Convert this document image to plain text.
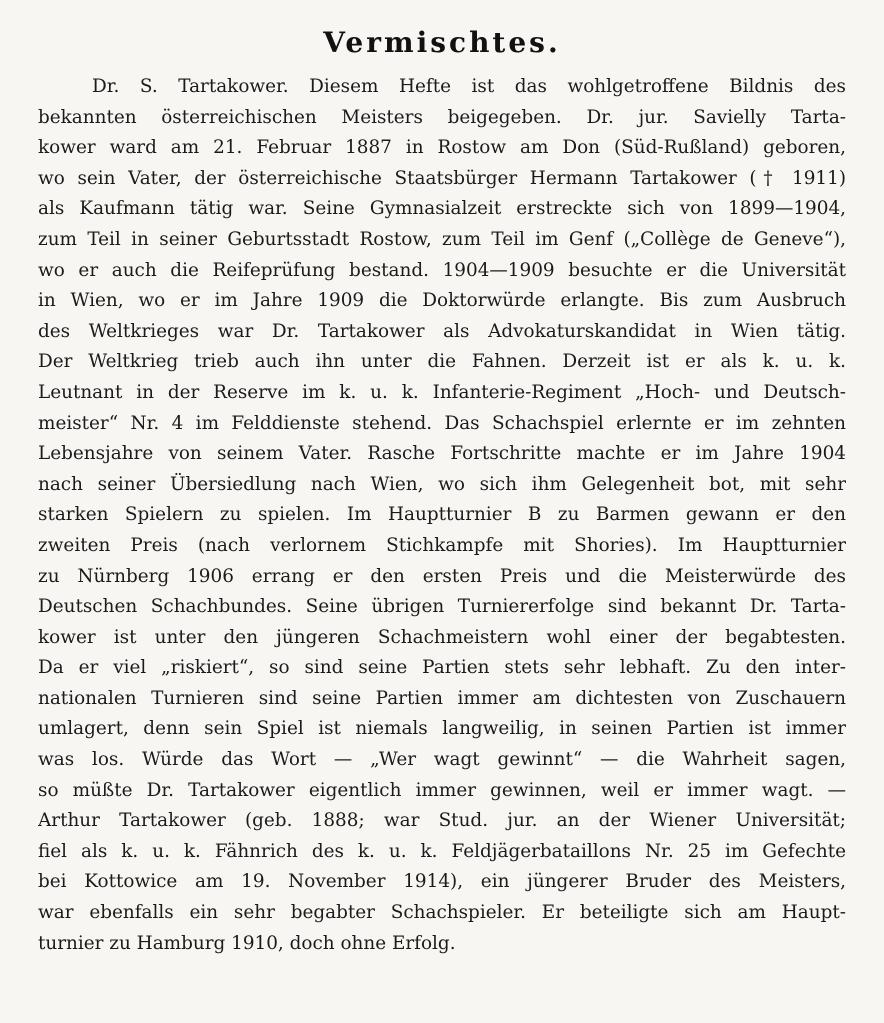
Vermischtes.
Dr. S. Tartakower. Diesem Hefte ist das wohlgetroffene Bildnis des
bekannten österreichischen Meisters beigegeben. Dr. jur. Savielly Tarta-
kower ward am 21. Februar 1887 in Rostow am Don (Süd-Rußland) geboren,
wo sein Vater, der österreichische Staatsbürger Hermann Tartakower († 1911)
als Kaufmann tätig war. Seine Gymnasialzeit erstreckte sich von 1899—1904,
zum Teil in seiner Geburtsstadt Rostow, zum Teil im Genf („Collège de Geneve“),
wo er auch die Reifeprüfung bestand. 1904—1909 besuchte er die Universität
in Wien, wo er im Jahre 1909 die Doktorwürde erlangte. Bis zum Ausbruch
des Weltkrieges war Dr. Tartakower als Advokaturskandidat in Wien tätig.
Der Weltkrieg trieb auch ihn unter die Fahnen. Derzeit ist er als k. u. k.
Leutnant in der Reserve im k. u. k. Infanterie-Regiment „Hoch- und Deutsch-
meister“ Nr. 4 im Felddienste stehend. Das Schachspiel erlernte er im zehnten
Lebensjahre von seinem Vater. Rasche Fortschritte machte er im Jahre 1904
nach seiner Übersiedlung nach Wien, wo sich ihm Gelegenheit bot, mit sehr
starken Spielern zu spielen. Im Hauptturnier B zu Barmen gewann er den
zweiten Preis (nach verlornem Stichkampfe mit Shories). Im Hauptturnier
zu Nürnberg 1906 errang er den ersten Preis und die Meisterwürde des
Deutschen Schachbundes. Seine übrigen Turniererfolge sind bekannt Dr. Tarta-
kower ist unter den jüngeren Schachmeistern wohl einer der begabtesten.
Da er viel „riskiert“, so sind seine Partien stets sehr lebhaft. Zu den inter-
nationalen Turnieren sind seine Partien immer am dichtesten von Zuschauern
umlagert, denn sein Spiel ist niemals langweilig, in seinen Partien ist immer
was los. Würde das Wort — „Wer wagt gewinnt“ — die Wahrheit sagen,
so müßte Dr. Tartakower eigentlich immer gewinnen, weil er immer wagt. —
Arthur Tartakower (geb. 1888; war Stud. jur. an der Wiener Universität;
fiel als k. u. k. Fähnrich des k. u. k. Feldjägerbataillons Nr. 25 im Gefechte
bei Kottowice am 19. November 1914), ein jüngerer Bruder des Meisters,
war ebenfalls ein sehr begabter Schachspieler. Er beteiligte sich am Haupt-
turnier zu Hamburg 1910, doch ohne Erfolg.
